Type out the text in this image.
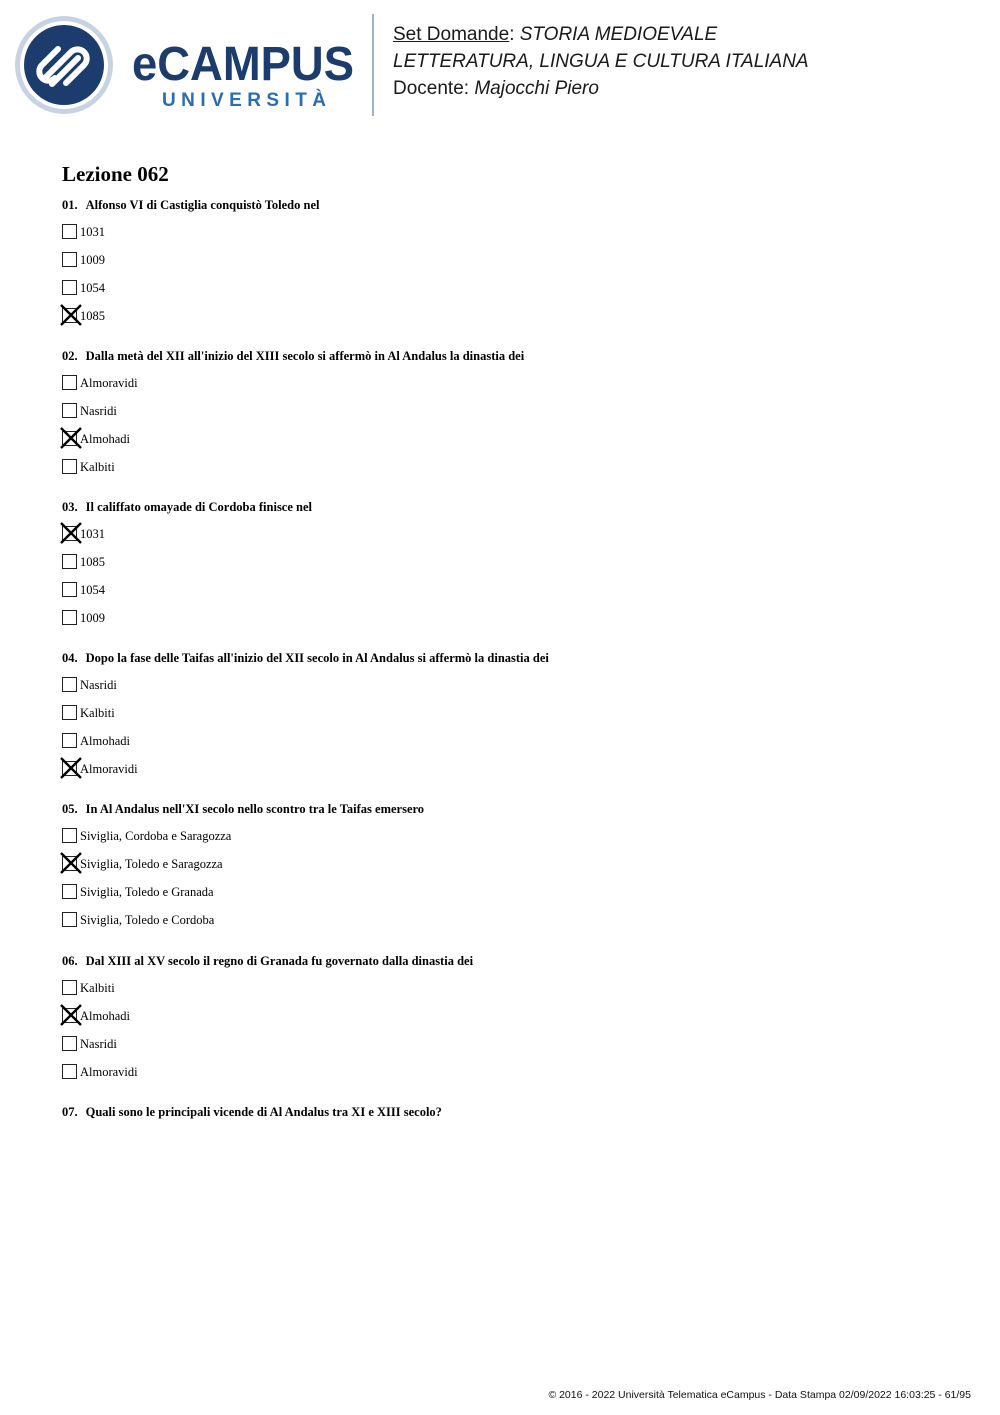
eCAMPUS
UNIVERSITÀ
Set Domande: STORIA MEDIOEVALE
LETTERATURA, LINGUA E CULTURA ITALIANA
Docente: Majocchi Piero
Lezione 062
01. Alfonso VI di Castiglia conquistò Toledo nel
1031
1009
1054
1085
02. Dalla metà del XII all'inizio del XIII secolo si affermò in Al Andalus la dinastia dei
Almoravidi
Nasridi
Almohadi
Kalbiti
03. Il califfato omayade di Cordoba finisce nel
1031
1085
1054
1009
04. Dopo la fase delle Taifas all'inizio del XII secolo in Al Andalus si affermò la dinastia dei
Nasridi
Kalbiti
Almohadi
Almoravidi
05. In Al Andalus nell'XI secolo nello scontro tra le Taifas emersero
Siviglia, Cordoba e Saragozza
Siviglia, Toledo e Saragozza
Siviglia, Toledo e Granada
Siviglia, Toledo e Cordoba
06. Dal XIII al XV secolo il regno di Granada fu governato dalla dinastia dei
Kalbiti
Almohadi
Nasridi
Almoravidi
07. Quali sono le principali vicende di Al Andalus tra XI e XIII secolo?
© 2016 - 2022 Università Telematica eCampus - Data Stampa 02/09/2022 16:03:25 - 61/95
